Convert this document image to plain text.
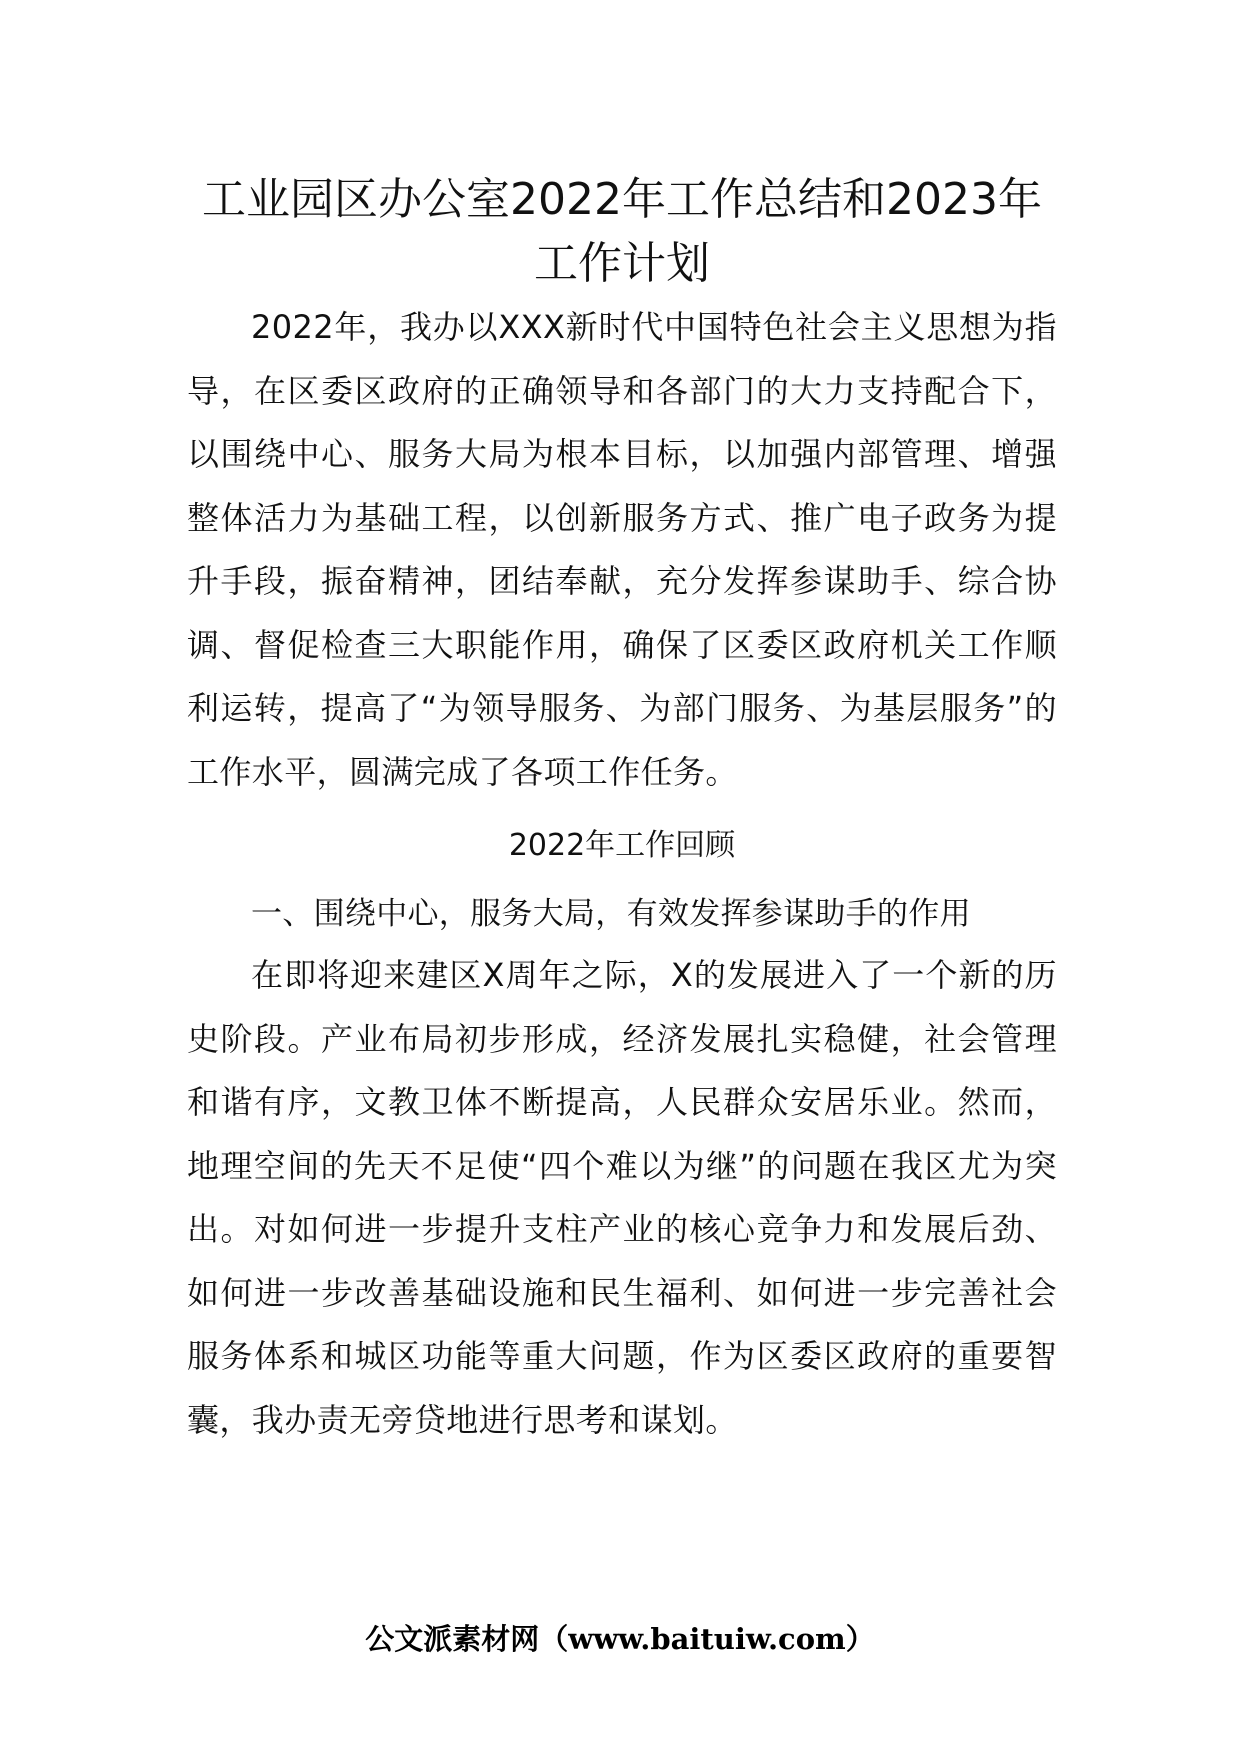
工业园区办公室2022年工作总结和2023年工作计划

2022年，我办以XXX新时代中国特色社会主义思想为指导，在区委区政府的正确领导和各部门的大力支持配合下，以围绕中心、服务大局为根本目标，以加强内部管理、增强整体活力为基础工程，以创新服务方式、推广电子政务为提升手段，振奋精神，团结奉献，充分发挥参谋助手、综合协调、督促检查三大职能作用，确保了区委区政府机关工作顺利运转，提高了“为领导服务、为部门服务、为基层服务”的工作水平，圆满完成了各项工作任务。

2022年工作回顾
一、围绕中心，服务大局，有效发挥参谋助手的作用

在即将迎来建区X周年之际，X的发展进入了一个新的历史阶段。产业布局初步形成，经济发展扎实稳健，社会管理和谐有序，文教卫体不断提高，人民群众安居乐业。然而，地理空间的先天不足使“四个难以为继”的问题在我区尤为突出。对如何进一步提升支柱产业的核心竞争力和发展后劲、如何进一步改善基础设施和民生福利、如何进一步完善社会服务体系和城区功能等重大问题，作为区委区政府的重要智囊，我办责无旁贷地进行思考和谋划。

公文派素材网（www.baituiw.com）
